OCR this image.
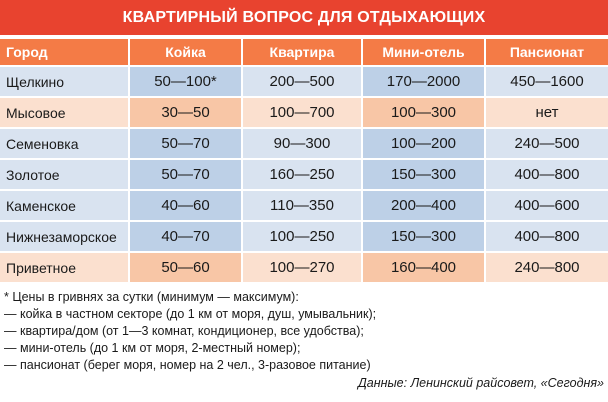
КВАРТИРНЫЙ ВОПРОС ДЛЯ ОТДЫХАЮЩИХ
Город	Койка	Квартира	Мини-отель	Пансионат
Щелкино	50—100*	200—500	170—2000	450—1600
Мысовое	30—50	100—700	100—300	нет
Семеновка	50—70	90—300	100—200	240—500
Золотое	50—70	160—250	150—300	400—800
Каменское	40—60	110—350	200—400	400—600
Нижнезаморское	40—70	100—250	150—300	400—800
Приветное	50—60	100—270	160—400	240—800
* Цены в гривнях за сутки (минимум — максимум):
— койка в частном секторе (до 1 км от моря, душ, умывальник);
— квартира/дом (от 1—3 комнат, кондиционер, все удобства);
— мини-отель (до 1 км от моря, 2-местный номер);
— пансионат (берег моря, номер на 2 чел., 3-разовое питание)
Данные: Ленинский райсовет, «Сегодня»
